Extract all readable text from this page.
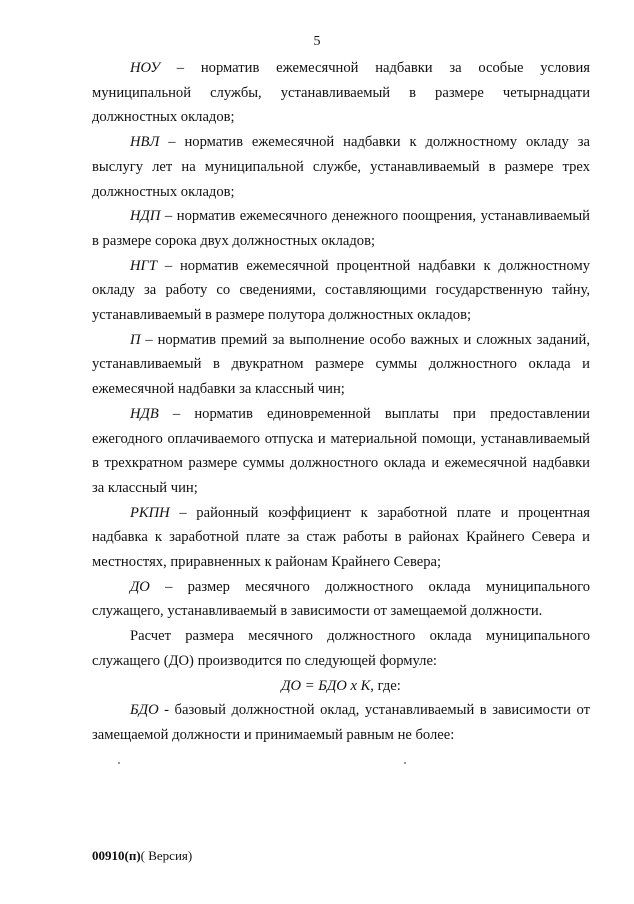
5

НОУ – норматив ежемесячной надбавки за особые условия муниципальной службы, устанавливаемый в размере четырнадцати должностных окладов;

НВЛ – норматив ежемесячной надбавки к должностному окладу за выслугу лет на муниципальной службе, устанавливаемый в размере трех должностных окладов;

НДП – норматив ежемесячного денежного поощрения, устанавливаемый в размере сорока двух должностных окладов;

НГТ – норматив ежемесячной процентной надбавки к должностному окладу за работу со сведениями, составляющими государственную тайну, устанавливаемый в размере полутора должностных окладов;

П – норматив премий за выполнение особо важных и сложных заданий, устанавливаемый в двукратном размере суммы должностного оклада и ежемесячной надбавки за классный чин;

НДВ – норматив единовременной выплаты при предоставлении ежегодного оплачиваемого отпуска и материальной помощи, устанавливаемый в трехкратном размере суммы должностного оклада и ежемесячной надбавки за классный чин;

РКПН – районный коэффициент к заработной плате и процентная надбавка к заработной плате за стаж работы в районах Крайнего Севера и местностях, приравненных к районам Крайнего Севера;

ДО – размер месячного должностного оклада муниципального служащего, устанавливаемый в зависимости от замещаемой должности.

Расчет размера месячного должностного оклада муниципального служащего (ДО) производится по следующей формуле:

ДО = БДО х К, где:

БДО - базовый должностной оклад, устанавливаемый в зависимости от замещаемой должности и принимаемый равным не более:

00910(п)( Версия)
